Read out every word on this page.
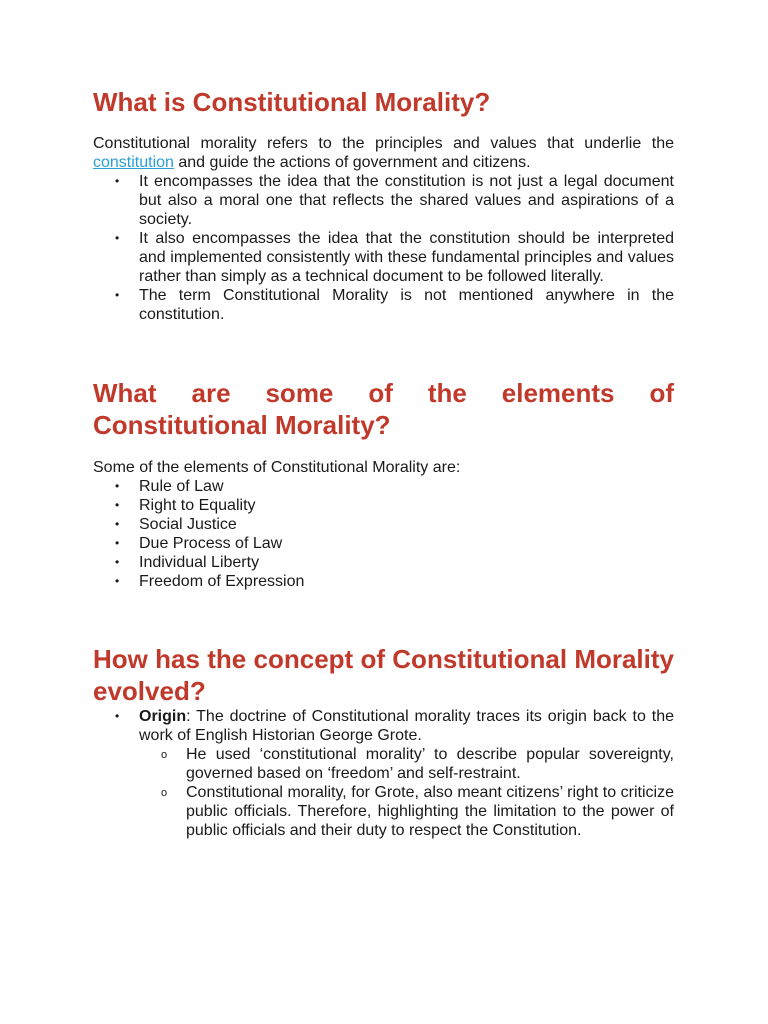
What is Constitutional Morality?

Constitutional morality refers to the principles and values that underlie the constitution and guide the actions of government and citizens.

• It encompasses the idea that the constitution is not just a legal document but also a moral one that reflects the shared values and aspirations of a society.
• It also encompasses the idea that the constitution should be interpreted and implemented consistently with these fundamental principles and values rather than simply as a technical document to be followed literally.
• The term Constitutional Morality is not mentioned anywhere in the constitution.
What are some of the elements of Constitutional Morality?

Some of the elements of Constitutional Morality are:

• Rule of Law
• Right to Equality
• Social Justice
• Due Process of Law
• Individual Liberty
• Freedom of Expression
How has the concept of Constitutional Morality evolved?
• Origin: The doctrine of Constitutional morality traces its origin back to the work of English Historian George Grote.
o He used ‘constitutional morality’ to describe popular sovereignty, governed based on ‘freedom’ and self-restraint.
o Constitutional morality, for Grote, also meant citizens’ right to criticize public officials. Therefore, highlighting the limitation to the power of public officials and their duty to respect the Constitution.
